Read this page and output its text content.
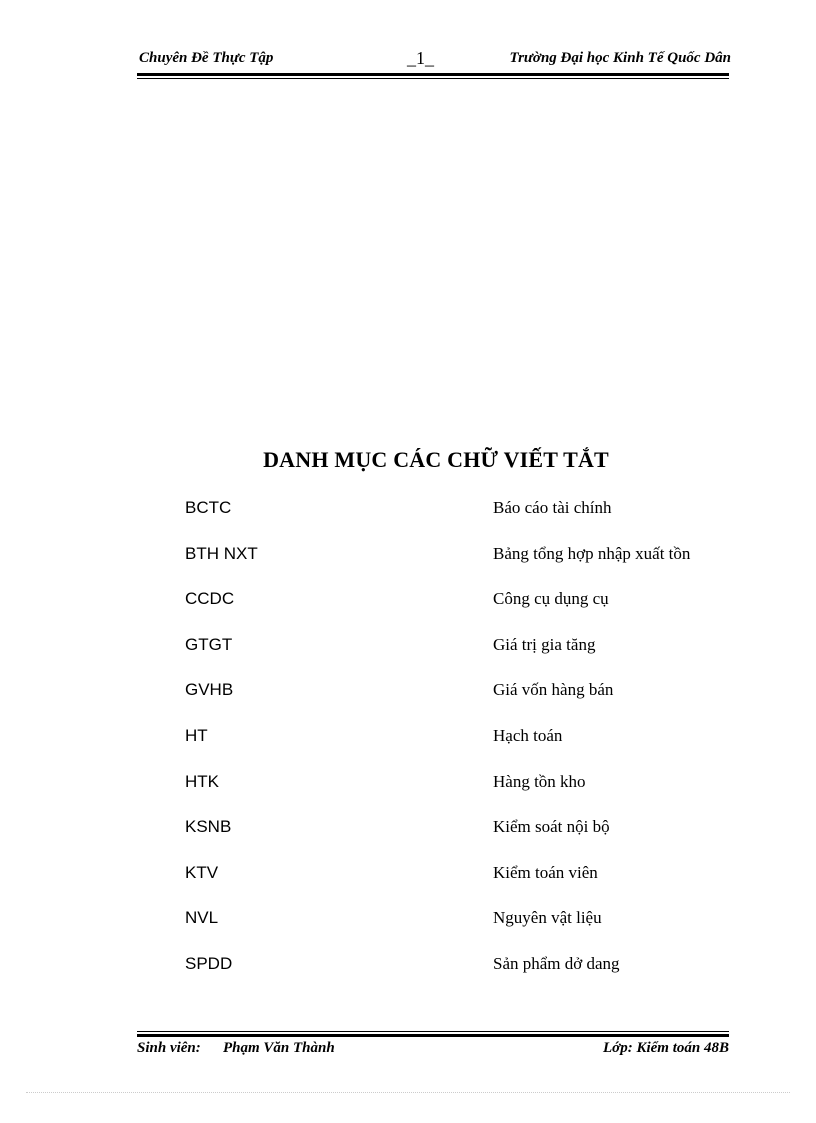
Chuyên Đề Thực Tập	_1_	Trường Đại học Kinh Tế Quốc Dân
DANH MỤC CÁC CHỮ VIẾT TẮT
BCTC	Báo cáo tài chính
BTH NXT	Bảng tổng hợp nhập xuất tồn
CCDC	Công cụ dụng cụ
GTGT	Giá trị gia tăng
GVHB	Giá vốn hàng bán
HT	Hạch toán
HTK	Hàng tồn kho
KSNB	Kiểm soát nội bộ
KTV	Kiểm toán viên
NVL	Nguyên vật liệu
SPDD	Sản phẩm dở dang
Sinh viên: Phạm Văn Thành	Lớp: Kiểm toán 48B
